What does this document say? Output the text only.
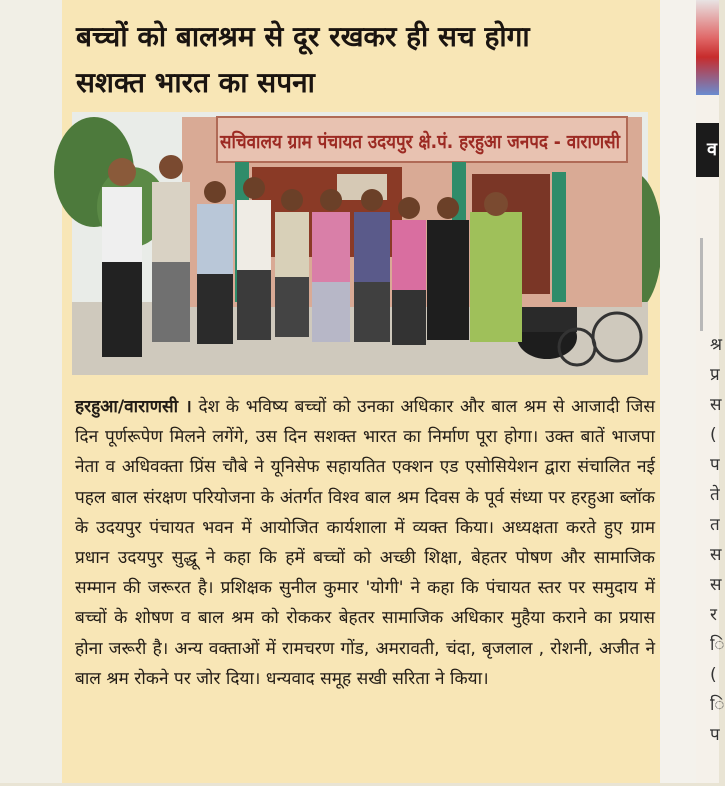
बच्चों को बालश्रम से दूर रखकर ही सच होगा
सशक्त भारत का सपना
सचिवालय ग्राम पंचायत उदयपुर क्षे.पं. हरहुआ जनपद - वाराणसी

हरहुआ/वाराणसी । देश के भविष्य बच्चों को उनका अधिकार और बाल श्रम से आजादी जिस दिन पूर्णरूपेण मिलने लगेंगे, उस दिन सशक्त भारत का निर्माण पूरा होगा। उक्त बातें भाजपा नेता व अधिवक्ता प्रिंस चौबे ने यूनिसेफ सहायतित एक्शन एड एसोसियेशन द्वारा संचालित नई पहल बाल संरक्षण परियोजना के अंतर्गत विश्व बाल श्रम दिवस के पूर्व संध्या पर हरहुआ ब्लॉक के उदयपुर पंचायत भवन में आयोजित कार्यशाला में व्यक्त किया। अध्यक्षता करते हुए ग्राम प्रधान उदयपुर सुद्धू ने कहा कि हमें बच्चों को अच्छी शिक्षा, बेहतर पोषण और सामाजिक सम्मान की जरूरत है। प्रशिक्षक सुनील कुमार 'योगी' ने कहा कि पंचायत स्तर पर समुदाय में बच्चों के शोषण व बाल श्रम को रोककर बेहतर सामाजिक अधिकार मुहैया कराने का प्रयास होना जरूरी है। अन्य वक्ताओं में रामचरण गोंड, अमरावती, चंदा, बृजलाल , रोशनी, अजीत ने बाल श्रम रोकने पर जोर दिया। धन्यवाद समूह सखी सरिता ने किया।

व
श्र
प्र
स
(
प
ते
त
स
स
र
ि
(
ि
प
